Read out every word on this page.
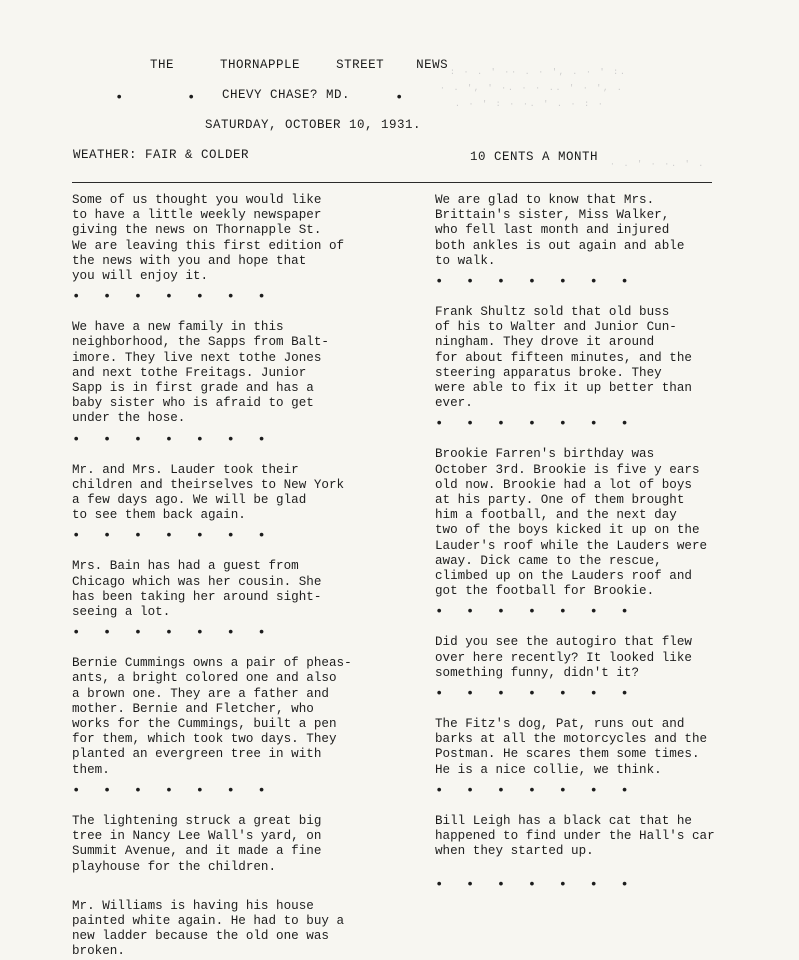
THE	THORNAPPLE	STREET	NEWS
•	• CHEVY CHASE? MD.	•
SATURDAY, OCTOBER 10, 1931.
WEATHER: FAIR & COLDER	10 CENTS A MONTH
: · . ' ·· . · ', . · ' :.
· . ', ' ·. · · .. ' · ', .
. · ' : · ·. ' . · : ·
· . ' · ·. ' .

Some of us thought you would like
to have a little weekly newspaper
giving the news on Thornapple St.
We are leaving this first edition of
the news with you and hope that
you will enjoy it.

•••••••

We have a new family in this
neighborhood, the Sapps from Balt-
imore. They live next tothe Jones
and next tothe Freitags. Junior
Sapp is in first grade and has a
baby sister who is afraid to get
under the hose.

•••••••

Mr. and Mrs. Lauder took their
children and theirselves to New York
a few days ago. We will be glad
to see them back again.

•••••••

Mrs. Bain has had a guest from
Chicago which was her cousin. She
has been taking her around sight-
seeing a lot.

•••••••

Bernie Cummings owns a pair of pheas-
ants, a bright colored one and also
a brown one. They are a father and
mother. Bernie and Fletcher, who
works for the Cummings, built a pen
for them, which took two days. They
planted an evergreen tree in with
them.

•••••••

The lightening struck a great big
tree in Nancy Lee Wall's yard, on
Summit Avenue, and it made a fine
playhouse for the children.

Mr. Williams is having his house
painted white again. He had to buy a
new ladder because the old one was
broken.

We are glad to know that Mrs.
Brittain's sister, Miss Walker,
who fell last month and injured
both ankles is out again and able
to walk.

•••••••

Frank Shultz sold that old buss
of his to Walter and Junior Cun-
ningham. They drove it around
for about fifteen minutes, and the
steering apparatus broke. They
were able to fix it up better than
ever.

•••••••

Brookie Farren's birthday was
October 3rd. Brookie is five y ears
old now. Brookie had a lot of boys
at his party. One of them brought
him a football, and the next day
two of the boys kicked it up on the
Lauder's roof while the Lauders were
away. Dick came to the rescue,
climbed up on the Lauders roof and
got the football for Brookie.

•••••••

Did you see the autogiro that flew
over here recently? It looked like
something funny, didn't it?

•••••••

The Fitz's dog, Pat, runs out and
barks at all the motorcycles and the
Postman. He scares them some times.
He is a nice collie, we think.

•••••••

Bill Leigh has a black cat that he
happened to find under the Hall's car
when they started up.

•••••••
